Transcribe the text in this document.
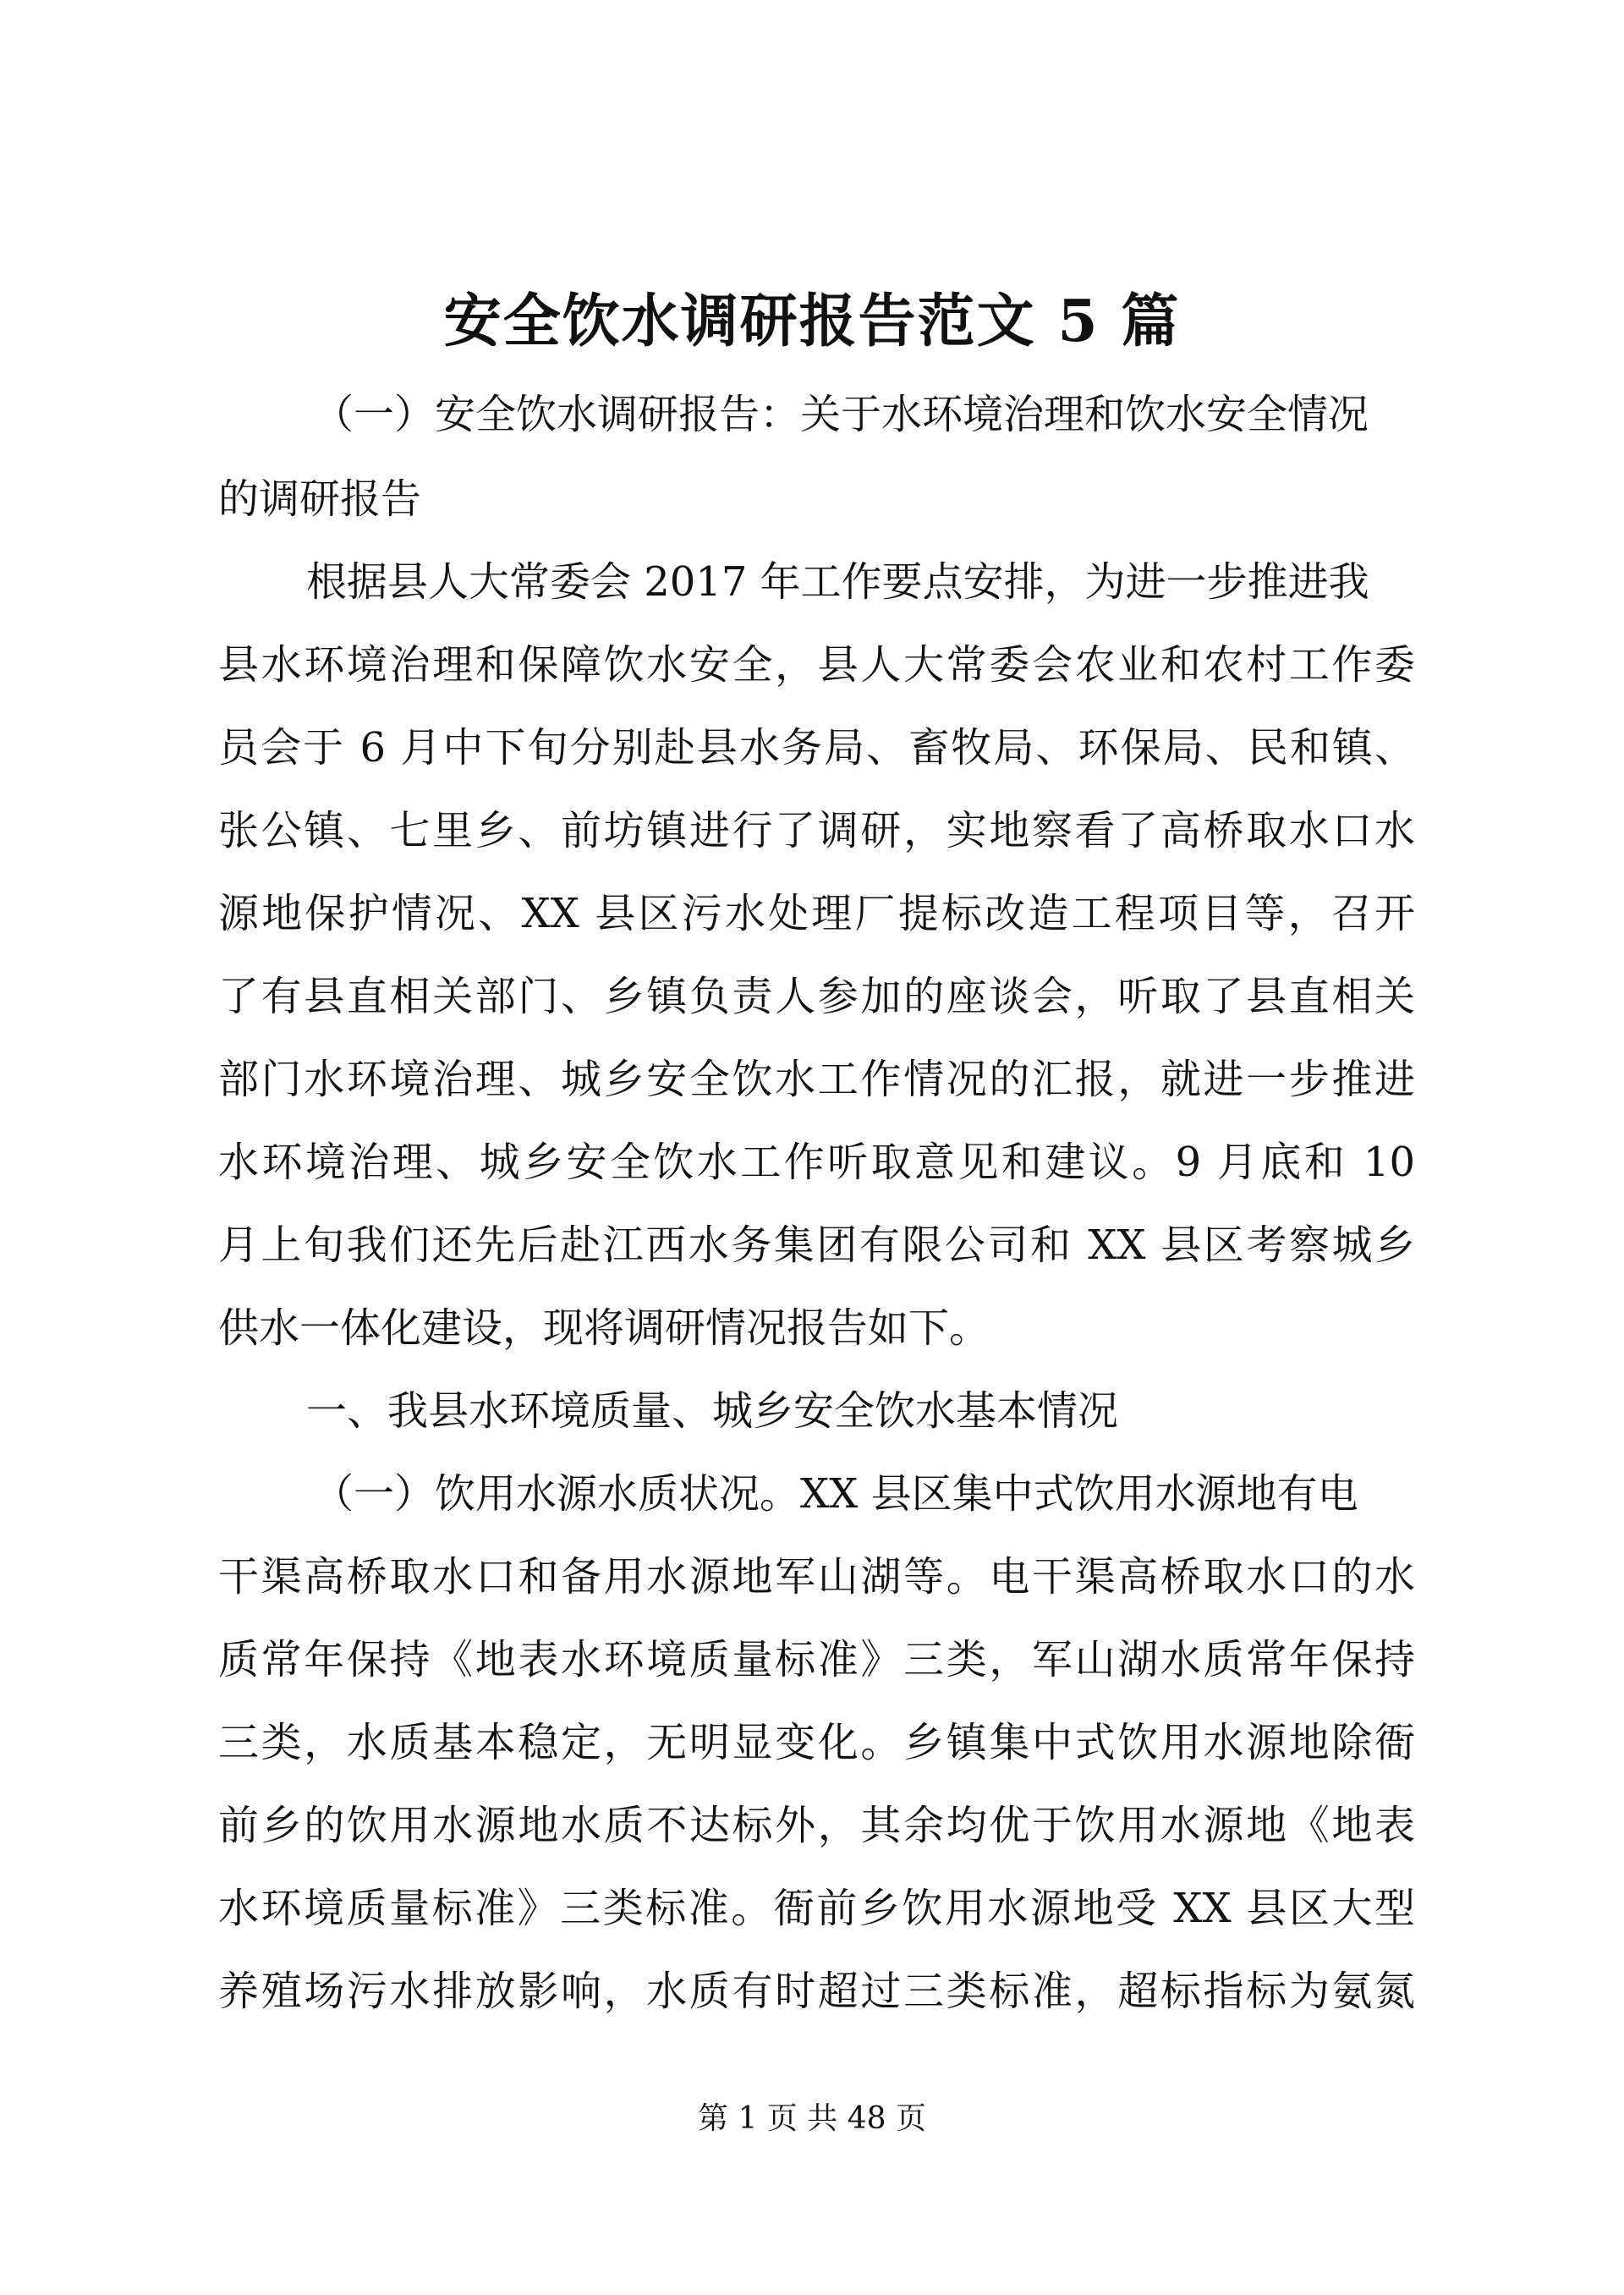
安全饮水调研报告范文 5 篇
（一）安全饮水调研报告：关于水环境治理和饮水安全情况
的调研报告
根据县人大常委会 2017 年工作要点安排，为进一步推进我
县水环境治理和保障饮水安全，县人大常委会农业和农村工作委
员会于 6 月中下旬分别赴县水务局、畜牧局、环保局、民和镇、
张公镇、七里乡、前坊镇进行了调研，实地察看了高桥取水口水
源地保护情况、XX 县区污水处理厂提标改造工程项目等，召开
了有县直相关部门、乡镇负责人参加的座谈会，听取了县直相关
部门水环境治理、城乡安全饮水工作情况的汇报，就进一步推进
水环境治理、城乡安全饮水工作听取意见和建议。9 月底和 10
月上旬我们还先后赴江西水务集团有限公司和 XX 县区考察城乡
供水一体化建设，现将调研情况报告如下。
一、我县水环境质量、城乡安全饮水基本情况
（一）饮用水源水质状况。XX 县区集中式饮用水源地有电
干渠高桥取水口和备用水源地军山湖等。电干渠高桥取水口的水
质常年保持《地表水环境质量标准》三类，军山湖水质常年保持
三类，水质基本稳定，无明显变化。乡镇集中式饮用水源地除衙
前乡的饮用水源地水质不达标外，其余均优于饮用水源地《地表
水环境质量标准》三类标准。衙前乡饮用水源地受 XX 县区大型
养殖场污水排放影响，水质有时超过三类标准，超标指标为氨氮
第 1 页 共 48 页
